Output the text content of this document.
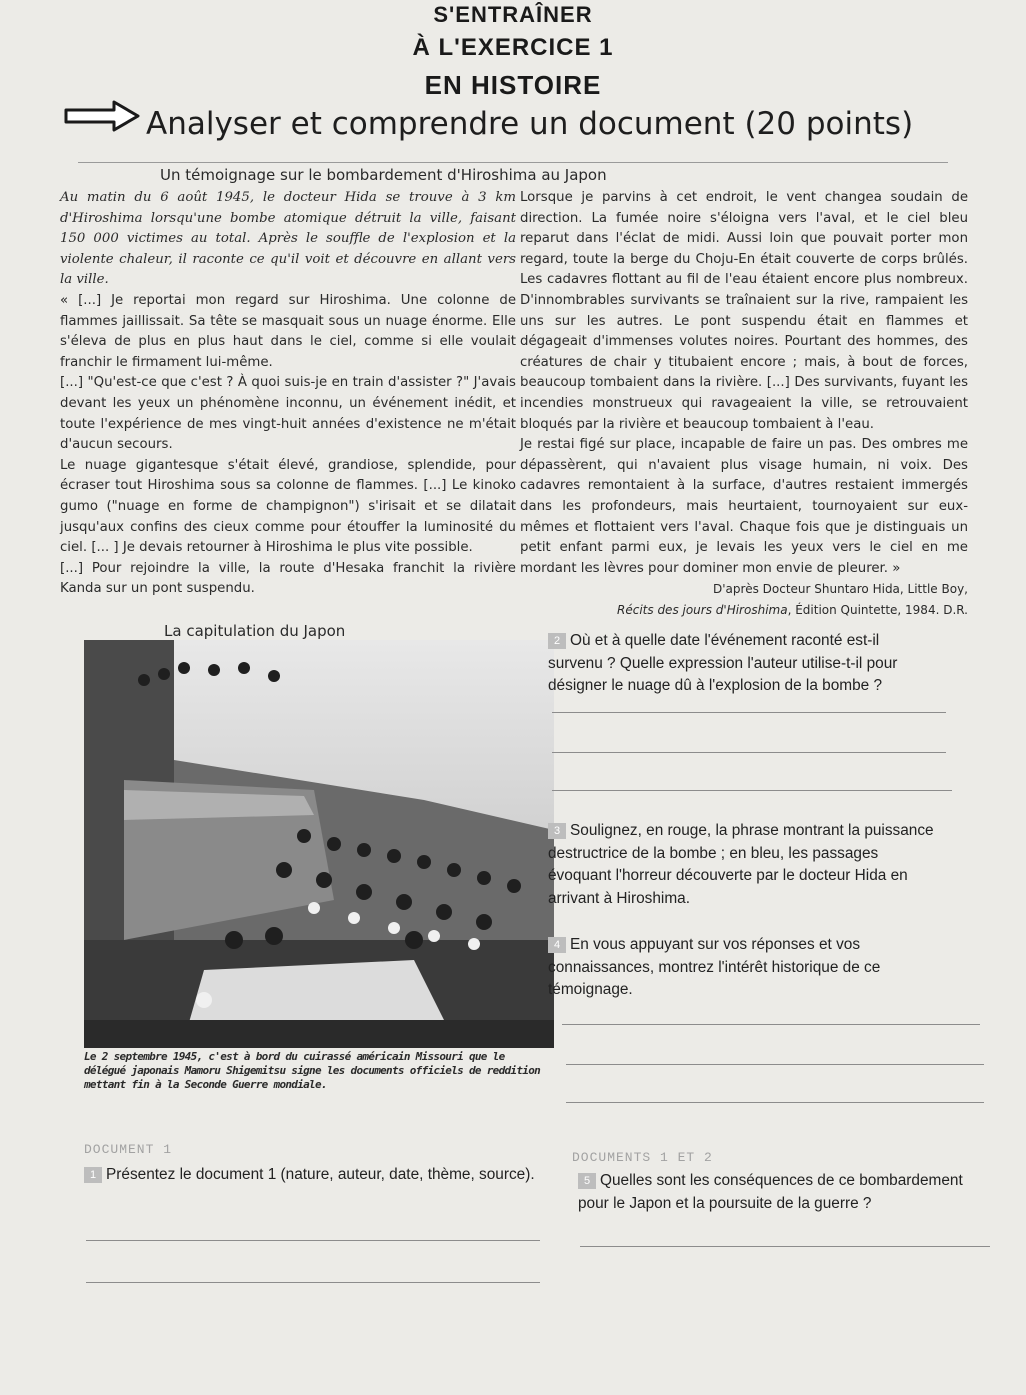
S'ENTRAÎNER
À L'EXERCICE 1
EN HISTOIRE
Analyser et comprendre un document (20 points)
Un témoignage sur le bombardement d'Hiroshima au Japon

Au matin du 6 août 1945, le docteur Hida se trouve à 3 km d'Hiroshima lorsqu'une bombe atomique détruit la ville, faisant 150 000 victimes au total. Après le souffle de l'explosion et la violente chaleur, il raconte ce qu'il voit et découvre en allant vers la ville.

« [...] Je reportai mon regard sur Hiroshima. Une colonne de flammes jaillissait. Sa tête se masquait sous un nuage énorme. Elle s'éleva de plus en plus haut dans le ciel, comme si elle voulait franchir le firmament lui-même.

[...] "Qu'est-ce que c'est ? À quoi suis-je en train d'assister ?" J'avais devant les yeux un phénomène inconnu, un événement inédit, et toute l'expérience de mes vingt-huit années d'existence ne m'était d'aucun secours.

Le nuage gigantesque s'était élevé, grandiose, splendide, pour écraser tout Hiroshima sous sa colonne de flammes. [...] Le kinoko gumo ("nuage en forme de champignon") s'irisait et se dilatait jusqu'aux confins des cieux comme pour étouffer la luminosité du ciel. [... ] Je devais retourner à Hiroshima le plus vite possible.

[...] Pour rejoindre la ville, la route d'Hesaka franchit la rivière Kanda sur un pont suspendu.

Lorsque je parvins à cet endroit, le vent changea soudain de direction. La fumée noire s'éloigna vers l'aval, et le ciel bleu reparut dans l'éclat de midi. Aussi loin que pouvait porter mon regard, toute la berge du Choju-En était couverte de corps brûlés. Les cadavres flottant au fil de l'eau étaient encore plus nombreux. D'innombrables survivants se traînaient sur la rive, rampaient les uns sur les autres. Le pont suspendu était en flammes et dégageait d'immenses volutes noires. Pourtant des hommes, des créatures de chair y titubaient encore ; mais, à bout de forces, beaucoup tombaient dans la rivière. [...] Des survivants, fuyant les incendies monstrueux qui ravageaient la ville, se retrouvaient bloqués par la rivière et beaucoup tombaient à l'eau.

Je restai figé sur place, incapable de faire un pas. Des ombres me dépassèrent, qui n'avaient plus visage humain, ni voix. Des cadavres remontaient à la surface, d'autres restaient immergés dans les profondeurs, mais heurtaient, tournoyaient sur eux-mêmes et flottaient vers l'aval. Chaque fois que je distinguais un petit enfant parmi eux, je levais les yeux vers le ciel en me mordant les lèvres pour dominer mon envie de pleurer. »

D'après Docteur Shuntaro Hida, Little Boy,
Récits des jours d'Hiroshima, Édition Quintette, 1984. D.R.

La capitulation du Japon
Le 2 septembre 1945, c'est à bord du cuirassé américain Missouri que le délégué japonais Mamoru Shigemitsu signe les documents officiels de reddition mettant fin à la Seconde Guerre mondiale.
2 Où et à quelle date l'événement raconté est-il survenu ? Quelle expression l'auteur utilise-t-il pour désigner le nuage dû à l'explosion de la bombe ?
3 Soulignez, en rouge, la phrase montrant la puissance destructrice de la bombe ; en bleu, les passages évoquant l'horreur découverte par le docteur Hida en arrivant à Hiroshima.
4 En vous appuyant sur vos réponses et vos connaissances, montrez l'intérêt historique de ce témoignage.
DOCUMENT 1
DOCUMENTS 1 ET 2
1 Présentez le document 1 (nature, auteur, date, thème, source).	5 Quelles sont les conséquences de ce bombardement pour le Japon et la poursuite de la guerre ?
